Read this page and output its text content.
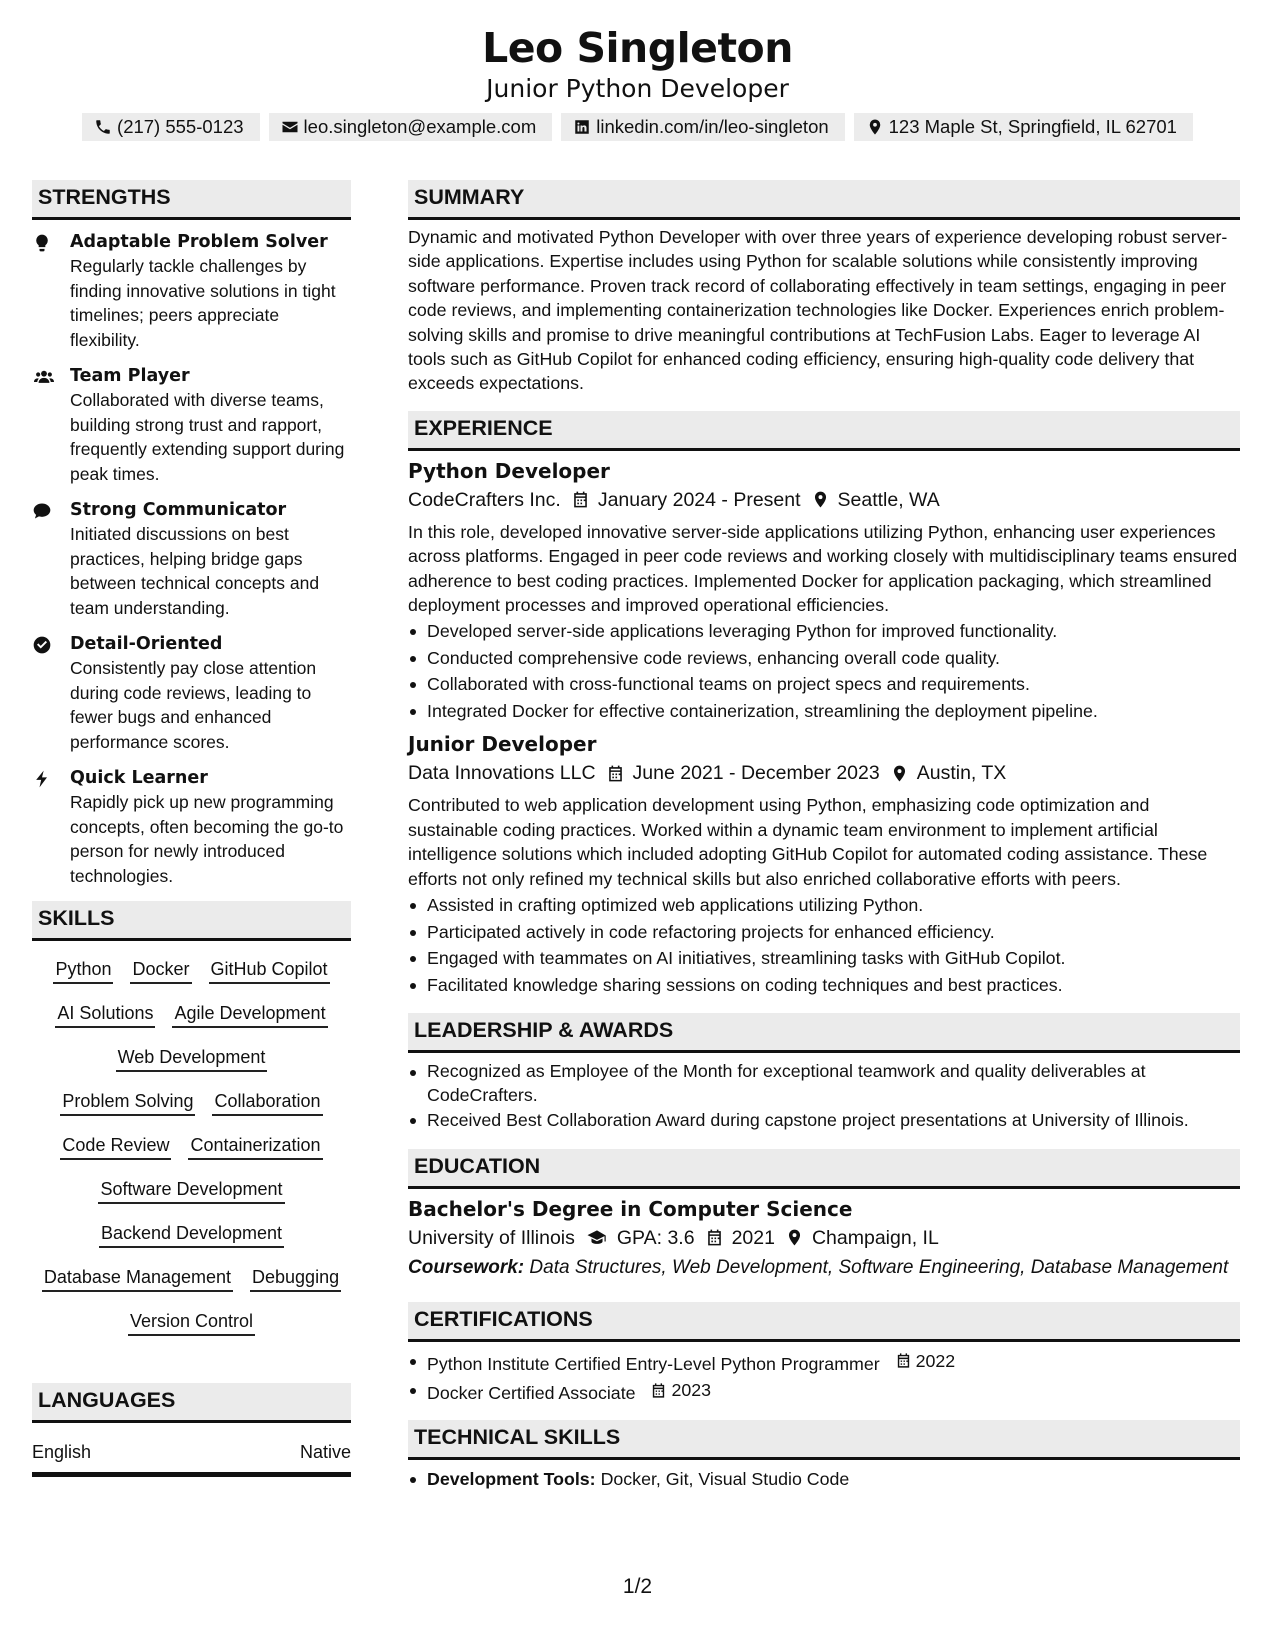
Leo Singleton
Junior Python Developer
(217) 555-0123	leo.singleton@example.com	linkedin.com/in/leo-singleton	123 Maple St, Springfield, IL 62701
STRENGTHS
Adaptable Problem Solver
Regularly tackle challenges by finding innovative solutions in tight timelines; peers appreciate flexibility.
Team Player
Collaborated with diverse teams, building strong trust and rapport, frequently extending support during peak times.
Strong Communicator
Initiated discussions on best practices, helping bridge gaps between technical concepts and team understanding.
Detail-Oriented
Consistently pay close attention during code reviews, leading to fewer bugs and enhanced performance scores.
Quick Learner
Rapidly pick up new programming concepts, often becoming the go-to person for newly introduced technologies.
SKILLS
Python Docker GitHub Copilot
AI Solutions Agile Development
Web Development
Problem Solving Collaboration
Code Review Containerization
Software Development
Backend Development
Database Management Debugging
Version Control
LANGUAGES
English	Native
SUMMARY
Dynamic and motivated Python Developer with over three years of experience developing robust server-side applications. Expertise includes using Python for scalable solutions while consistently improving software performance. Proven track record of collaborating effectively in team settings, engaging in peer code reviews, and implementing containerization technologies like Docker. Experiences enrich problem-solving skills and promise to drive meaningful contributions at TechFusion Labs. Eager to leverage AI tools such as GitHub Copilot for enhanced coding efficiency, ensuring high-quality code delivery that exceeds expectations.
EXPERIENCE
Python Developer
CodeCrafters Inc. January 2024 - Present Seattle, WA
In this role, developed innovative server-side applications utilizing Python, enhancing user experiences across platforms. Engaged in peer code reviews and working closely with multidisciplinary teams ensured adherence to best coding practices. Implemented Docker for application packaging, which streamlined deployment processes and improved operational efficiencies.
Developed server-side applications leveraging Python for improved functionality.
Conducted comprehensive code reviews, enhancing overall code quality.
Collaborated with cross-functional teams on project specs and requirements.
Integrated Docker for effective containerization, streamlining the deployment pipeline.
Junior Developer
Data Innovations LLC June 2021 - December 2023 Austin, TX
Contributed to web application development using Python, emphasizing code optimization and sustainable coding practices. Worked within a dynamic team environment to implement artificial intelligence solutions which included adopting GitHub Copilot for automated coding assistance. These efforts not only refined my technical skills but also enriched collaborative efforts with peers.
Assisted in crafting optimized web applications utilizing Python.
Participated actively in code refactoring projects for enhanced efficiency.
Engaged with teammates on AI initiatives, streamlining tasks with GitHub Copilot.
Facilitated knowledge sharing sessions on coding techniques and best practices.
LEADERSHIP & AWARDS
Recognized as Employee of the Month for exceptional teamwork and quality deliverables at CodeCrafters.
Received Best Collaboration Award during capstone project presentations at University of Illinois.
EDUCATION
Bachelor's Degree in Computer Science
University of Illinois GPA: 3.6 2021 Champaign, IL
Coursework: Data Structures, Web Development, Software Engineering, Database Management
CERTIFICATIONS
Python Institute Certified Entry-Level Python Programmer 2022
Docker Certified Associate 2023
TECHNICAL SKILLS
Development Tools: Docker, Git, Visual Studio Code
1/2
